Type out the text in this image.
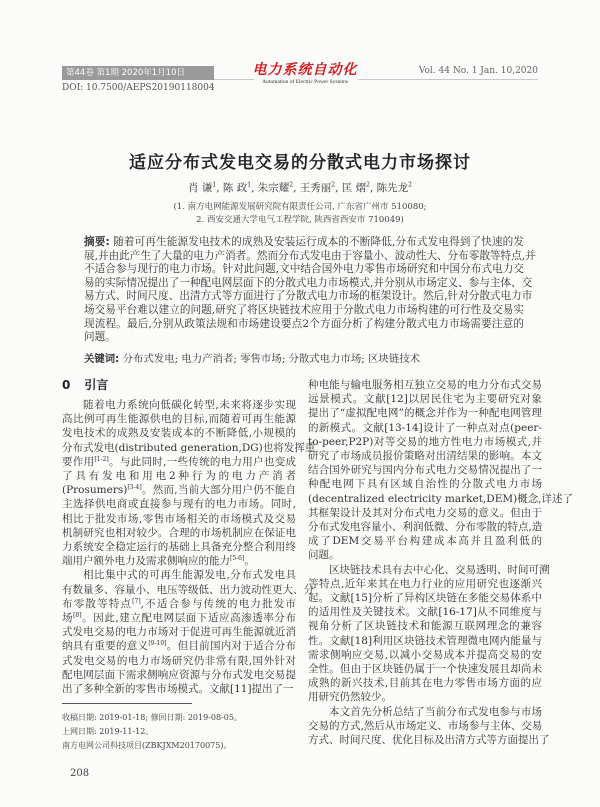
第44卷 第1期 2020年1月10日
DOI: 10.7500/AEPS20190118004
电力系统自动化
Automation of Electric Power Systems
Vol. 44 No. 1 Jan. 10,2020
适应分布式发电交易的分散式电力市场探讨
肖 谦$^1$, 陈 政$^1$, 朱宗耀$^2$, 王秀丽$^2$, 匡 熠$^2$, 陈先龙$^2$
(1. 南方电网能源发展研究院有限责任公司, 广东省广州市 510080;
2. 西安交通大学电气工程学院, 陕西省西安市 710049)
摘要: 随着可再生能源发电技术的成熟及安装运行成本的不断降低,分布式发电得到了快速的发
展,并由此产生了大量的电力产消者。然而分布式发电由于容量小、波动性大、分布零散等特点,并
不适合参与现行的电力市场。针对此问题,文中结合国外电力零售市场研究和中国分布式电力交
易的实际情况提出了一种配电网层面下的分散式电力市场模式,并分别从市场定义、参与主体、交
易方式、时间尺度、出清方式等方面进行了分散式电力市场的框架设计。然后,针对分散式电力市
场交易平台难以建立的问题,研究了将区块链技术应用于分散式电力市场构建的可行性及交易实
现流程。最后,分别从政策法规和市场建设要点2个方面分析了构建分散式电力市场需要注意的
问题。
关键词: 分布式发电; 电力产消者; 零售市场; 分散式电力市场; 区块链技术
0 引言
随着电力系统向低碳化转型,未来将逐步实现
高比例可再生能源供电的目标,而随着可再生能源
发电技术的成熟及安装成本的不断降低,小规模的
分布式发电(distributed generation,DG)也将发挥重
要作用[1-2]。与此同时,一些传统的电力用户也变成
了具有发电和用电2种行为的电力产消者
(Prosumers)[3-4]。然而,当前大部分用户仍不能自
主选择供电商或直接参与现有的电力市场。同时,
相比于批发市场,零售市场相关的市场模式及交易
机制研究也相对较少。合理的市场机制应在保证电
力系统安全稳定运行的基础上具备充分整合利用终
端用户额外电力及需求侧响应的能力[5-6]。
相比集中式的可再生能源发电,分布式发电具
有数量多、容量小、电压等级低、出力波动性更大、分
布零散等特点[7],不适合参与传统的电力批发市
场[8]。因此,建立配电网层面下适应高渗透率分布
式发电交易的电力市场对于促进可再生能源就近消
纳具有重要的意义[9-10]。但目前国内对于适合分布
式发电交易的电力市场研究仍非常有限,国外针对
配电网层面下需求侧响应资源与分布式发电交易提
出了多种全新的零售市场模式。文献[11]提出了一
种电能与输电服务相互独立交易的电力分布式交易
远景模式。文献[12]以居民住宅为主要研究对象
提出了“虚拟配电网”的概念并作为一种配电网管理
的新模式。文献[13-14]设计了一种点对点(peer-
to-peer,P2P)对等交易的地方性电力市场模式,并
研究了市场成员报价策略对出清结果的影响。本文
结合国外研究与国内分布式电力交易情况提出了一
种配电网下具有区域自治性的分散式电力市场
(decentralized electricity market,DEM)概念,详述了
其框架设计及其对分布式电力交易的意义。但由于
分布式发电容量小、利润低微、分布零散的特点,造
成了DEM交易平台构建成本高并且盈利低的
问题。
区块链技术具有去中心化、交易透明、时间可溯
等特点,近年来其在电力行业的应用研究也逐渐兴
起。文献[15]分析了异构区块链在多能交易体系中
的适用性及关键技术。文献[16-17]从不同维度与
视角分析了区块链技术和能源互联网理念的兼容
性。文献[18]利用区块链技术管理微电网内能量与
需求侧响应交易,以减小交易成本并提高交易的安
全性。但由于区块链仍属于一个快速发展且却尚未
成熟的新兴技术,目前其在电力零售市场方面的应
用研究仍然较少。
本文首先分析总结了当前分布式发电参与市场
交易的方式,然后从市场定义、市场参与主体、交易
方式、时间尺度、优化目标及出清方式等方面提出了
收稿日期: 2019-01-18; 修回日期: 2019-08-05。
上网日期: 2019-11-12。
南方电网公司科技项目(ZBKJXM20170075)。
208
